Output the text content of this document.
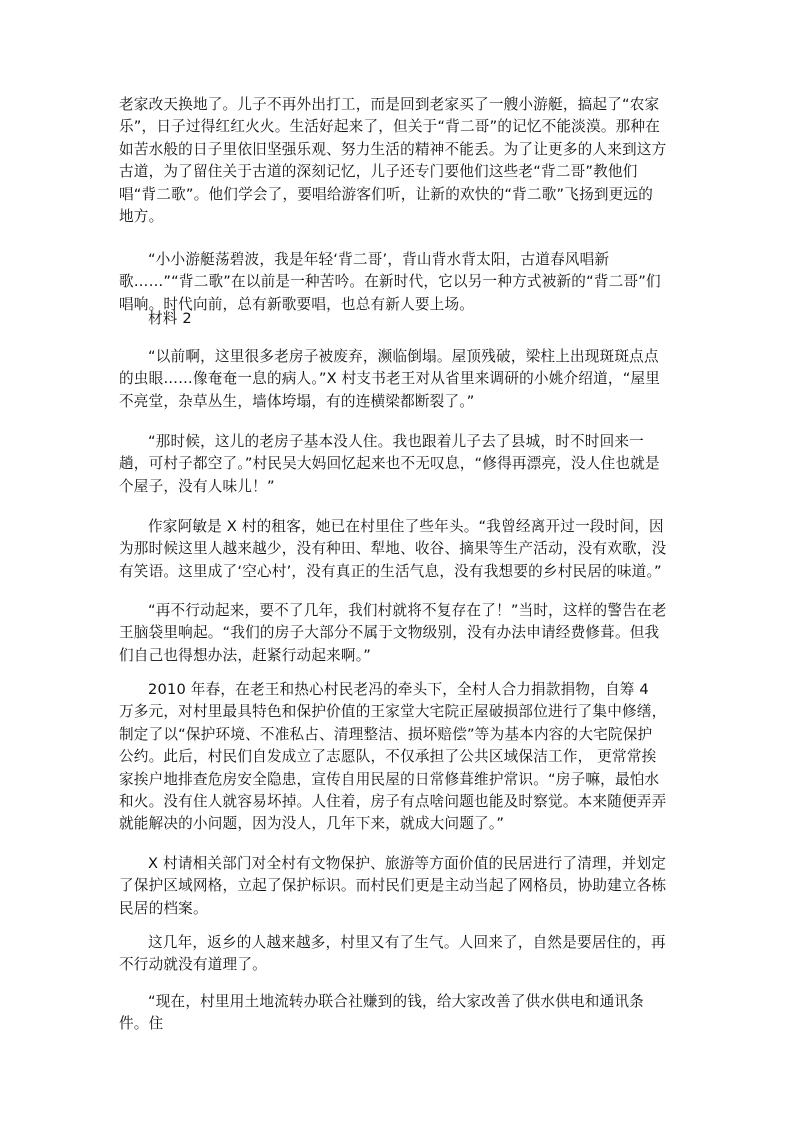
老家改天换地了。儿子不再外出打工，而是回到老家买了一艘小游艇，搞起了“农家乐”，日子过得红红火火。生活好起来了，但关于“背二哥”的记忆不能淡漠。那种在如苦水般的日子里依旧坚强乐观、努力生活的精神不能丢。为了让更多的人来到这方古道，为了留住关于古道的深刻记忆，儿子还专门要他们这些老“背二哥”教他们唱“背二歌”。他们学会了，要唱给游客们听，让新的欢快的“背二歌”飞扬到更远的地方。

“小小游艇荡碧波，我是年轻‘背二哥’，背山背水背太阳，古道春风唱新歌……”“背二歌”在以前是一种苦吟。在新时代，它以另一种方式被新的“背二哥”们唱响。时代向前，总有新歌要唱，也总有新人要上场。

材料 2

“以前啊，这里很多老房子被废弃，濒临倒塌。屋顶残破，梁柱上出现斑斑点点的虫眼……像奄奄一息的病人。”X 村支书老王对从省里来调研的小姚介绍道，“屋里不亮堂，杂草丛生，墙体垮塌，有的连横梁都断裂了。”

“那时候，这儿的老房子基本没人住。我也跟着儿子去了县城，时不时回来一趟，可村子都空了。”村民吴大妈回忆起来也不无叹息，“修得再漂亮，没人住也就是个屋子，没有人味儿！”

作家阿敏是 X 村的租客，她已在村里住了些年头。“我曾经离开过一段时间，因为那时候这里人越来越少，没有种田、犁地、收谷、摘果等生产活动，没有欢歌，没有笑语。这里成了‘空心村’，没有真正的生活气息，没有我想要的乡村民居的味道。”

“再不行动起来，要不了几年，我们村就将不复存在了！”当时，这样的警告在老王脑袋里响起。“我们的房子大部分不属于文物级别，没有办法申请经费修葺。但我们自己也得想办法，赶紧行动起来啊。”

2010 年春，在老王和热心村民老冯的牵头下，全村人合力捐款捐物，自筹 4 万多元，对村里最具特色和保护价值的王家堂大宅院正屋破损部位进行了集中修缮，制定了以“保护环境、不准私占、清理整洁、损坏赔偿”等为基本内容的大宅院保护公约。此后，村民们自发成立了志愿队，不仅承担了公共区域保洁工作， 更常常挨家挨户地排查危房安全隐患，宣传自用民屋的日常修葺维护常识。“房子嘛，最怕水和火。没有住人就容易坏掉。人住着，房子有点啥问题也能及时察觉。本来随便弄弄就能解决的小问题，因为没人，几年下来，就成大问题了。”

X 村请相关部门对全村有文物保护、旅游等方面价值的民居进行了清理，并划定了保护区域网格，立起了保护标识。而村民们更是主动当起了网格员，协助建立各栋民居的档案。

这几年，返乡的人越来越多，村里又有了生气。人回来了，自然是要居住的，再不行动就没有道理了。

“现在，村里用土地流转办联合社赚到的钱，给大家改善了供水供电和通讯条件。住
